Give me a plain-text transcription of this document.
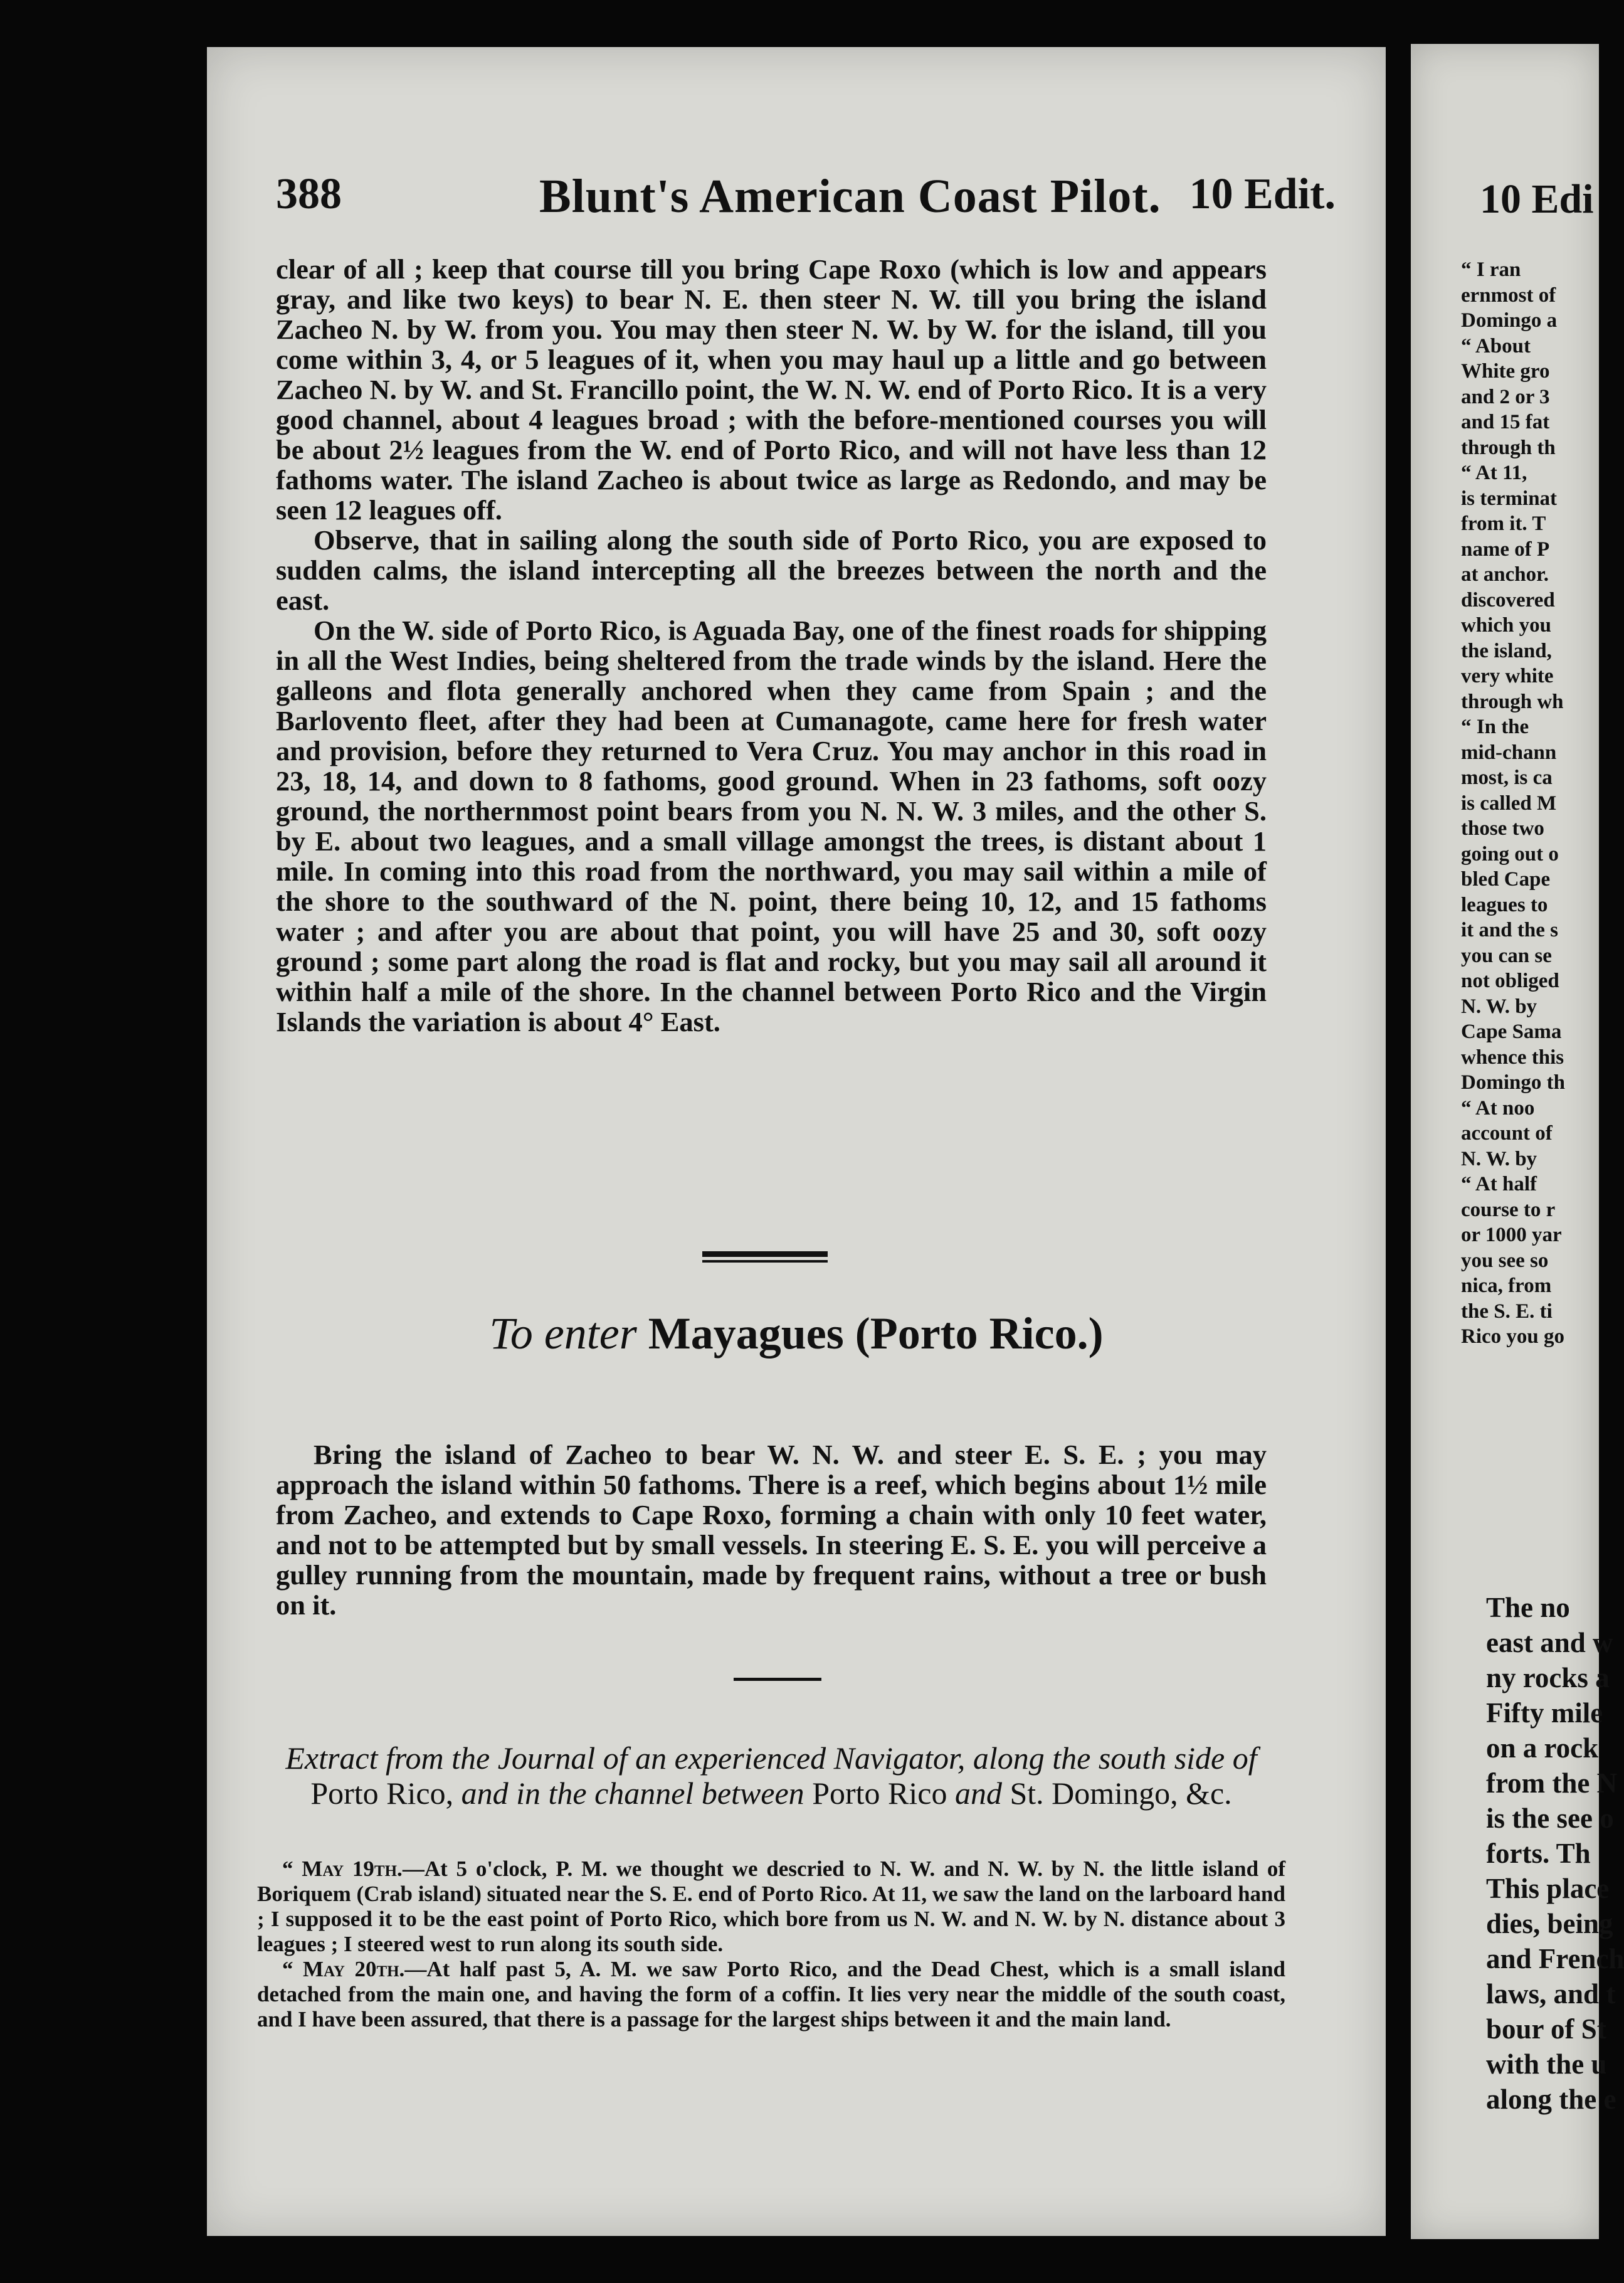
388	Blunt's American Coast Pilot. 10 Edit.

clear of all ; keep that course till you bring Cape Roxo (which is low and appears gray, and like two keys) to bear N. E. then steer N. W. till you bring the island Zacheo N. by W. from you. You may then steer N. W. by W. for the island, till you come within 3, 4, or 5 leagues of it, when you may haul up a little and go between Zacheo N. by W. and St. Francillo point, the W. N. W. end of Porto Rico. It is a very good channel, about 4 leagues broad ; with the before-mentioned courses you will be about 2½ leagues from the W. end of Porto Rico, and will not have less than 12 fathoms water. The island Zacheo is about twice as large as Redondo, and may be seen 12 leagues off.

Observe, that in sailing along the south side of Porto Rico, you are exposed to sudden calms, the island intercepting all the breezes between the north and the east.

On the W. side of Porto Rico, is Aguada Bay, one of the finest roads for shipping in all the West Indies, being sheltered from the trade winds by the island. Here the galleons and flota generally anchored when they came from Spain ; and the Barlovento fleet, after they had been at Cumanagote, came here for fresh water and provision, before they returned to Vera Cruz. You may anchor in this road in 23, 18, 14, and down to 8 fathoms, good ground. When in 23 fathoms, soft oozy ground, the northernmost point bears from you N. N. W. 3 miles, and the other S. by E. about two leagues, and a small village amongst the trees, is distant about 1 mile. In coming into this road from the northward, you may sail within a mile of the shore to the southward of the N. point, there being 10, 12, and 15 fathoms water ; and after you are about that point, you will have 25 and 30, soft oozy ground ; some part along the road is flat and rocky, but you may sail all around it within half a mile of the shore. In the channel between Porto Rico and the Virgin Islands the variation is about 4° East.

To enter Mayagues (Porto Rico.)

Bring the island of Zacheo to bear W. N. W. and steer E. S. E. ; you may approach the island within 50 fathoms. There is a reef, which begins about 1½ mile from Zacheo, and extends to Cape Roxo, forming a chain with only 10 feet water, and not to be attempted but by small vessels. In steering E. S. E. you will perceive a gulley running from the mountain, made by frequent rains, without a tree or bush on it.

Extract from the Journal of an experienced Navigator, along the south side of Porto Rico, and in the channel between Porto Rico and St. Domingo, &c.

“ May 19th.—At 5 o'clock, P. M. we thought we descried to N. W. and N. W. by N. the little island of Boriquem (Crab island) situated near the S. E. end of Porto Rico. At 11, we saw the land on the larboard hand ; I supposed it to be the east point of Porto Rico, which bore from us N. W. and N. W. by N. distance about 3 leagues ; I steered west to run along its south side.

“ May 20th.—At half past 5, A. M. we saw Porto Rico, and the Dead Chest, which is a small island detached from the main one, and having the form of a coffin. It lies very near the middle of the south coast, and I have been assured, that there is a passage for the largest ships between it and the main land.

10 Edi
“ I ran
ernmost of
Domingo a
“ About
White gro
and 2 or 3
and 15 fat
through th
“ At 11,
is terminat
from it. T
name of P
at anchor.
discovered
which you
the island,
very white
through wh
“ In the
mid-chann
most, is ca
is called M
those two
going out o
bled Cape
leagues to
it and the s
you can se
not obliged
N. W. by
Cape Sama
whence this
Domingo th
“ At noo
account of
N. W. by
“ At half
course to r
or 1000 yar
you see so
nica, from
the S. E. ti
Rico you go
The no
east and w
ny rocks a
Fifty mile
on a rock
from the N
is the see o
forts. Th
This place
dies, being
and French
laws, and t
bour of St
with the u
along the e
